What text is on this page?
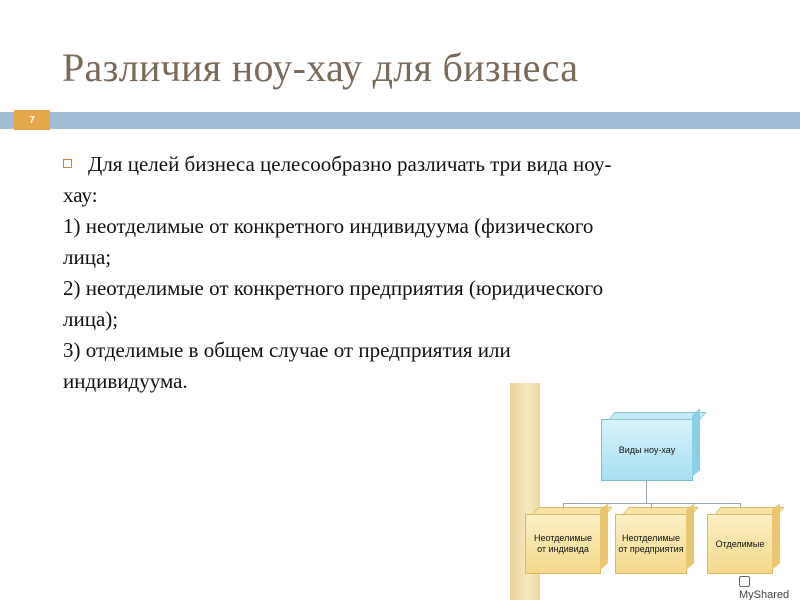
Различия ноу-хау для бизнеса
7
Для целей бизнеса целесообразно различать три вида ноу-
хау:
1) неотделимые от конкретного индивидуума (физического
лица;
2) неотделимые от конкретного предприятия (юридического
лица);
3) отделимые в общем случае от предприятия или
индивидуума.
Виды ноу-хау
Неотделимые
от индивида
Неотделимые
от предприятия
Отделимые
MyShared
